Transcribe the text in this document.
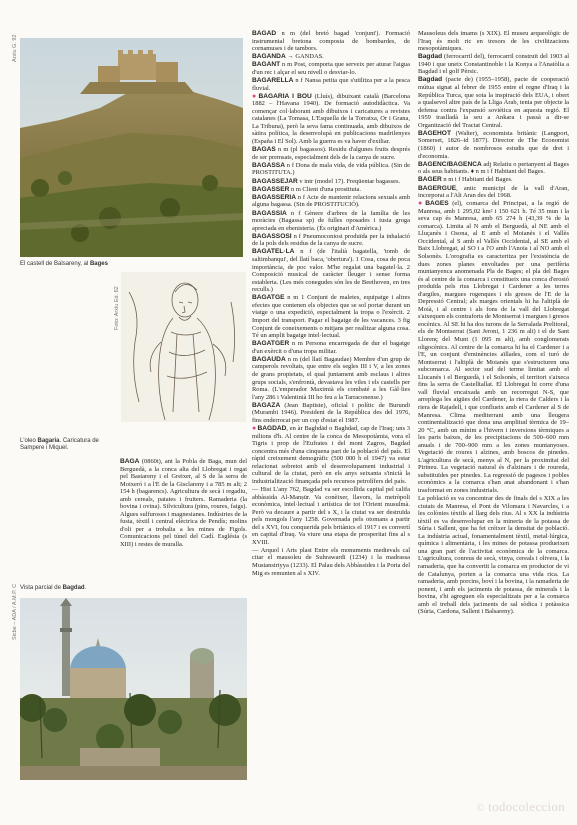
Arxiu G. 92
El castell de Balsareny, al Bages
Foto: Arxiu Ed. 62
L'oleo Bagaria. Caricatura de Sampere i Miquel.

BAGA (0860t), ant la Pobla de Baga, mun del Berguedà, a la conca alta del Llobregat i regat pel Bastareny i el Greixer, al S de la serra de Moixeró i a l'E de la Gisclareny i a 785 m alt; 2 154 h (bagarencs). Agricultura de secà i regadiu, amb cereals, patates i fruiters. Ramaderia (la bovina i ovina). Silvicultura (pins, roures, faigs). Algues sulfuroses i magnesianes. Indústries de la fusta, tèxtil i central elèctrica de Pendís; molins d'oli per a trobalia a les mines de Figols. Comunicacions pel túnel del Cadí. Església (s XIII) i restes de muralla.

Vista parcial de Bagdad.
Sicbe – ADA / A.M.P. C

BAGAD n m (del bretó bagad 'conjunt'). Formació instrumental bretona composta de bombardes, de cornamuses i de tambors.

BAGANDA → GANDAS.

BAGANT n m Post, comporta que serveix per aturar l'aigua d'un rec i alçar el seu nivell o desviar-lo.

BAGARELLA n f Nansa petita que s'utilitza per a la pesca fluvial.

●BAGARIA I BOU (Lluís), dibuixant català (Barcelona 1882 – l'Havana 1940). De formació autodidàctica. Va començar col·laborant amb dibuixos i caricatures a revistes catalanes (La Tomasa, L'Esquella de la Torratxa, Or i Grana, La Tribuna), però la seva fama continuada, amb dibuixos de sàtira política, la desenvolupà en publicacions madrilenyes (España i El Sol). Amb la guerra es va haver d'exiliar.

BAGAS n m (pl bagassos). Residu d'algunes fruits després de ser premsats, especialment dels de la canya de sucre.

BAGASSA n f Dona de mala vida, de vida pública. (Sin de PROSTITUTA.)

BAGASSEJAR v intr (model 17). Freqüentar bagasses.

BAGASSER n m Client d'una prostituta.

BAGASSERIA n f Acte de mantenir relacions sexuals amb alguna bagassa. (Sin de PROSTITUCIÓ).

BAGASSIA n f Gènere d'arbres de la família de les moràcies (Bagassa sp) de fulles oposades i tusta groga apreciada en ebenisteria. (És originari d'Amèrica.)

BAGASSOSI n f Pneumoconiosi produïda per la inhalació de la pols dels residus de la canya de sucre.

BAGATEL·LA n f (de l'italià bagatella, 'tomb de saltimbanqui', del llatí baca, 'obertura'). 1 Cosa, cosa de poca importància, de poc valor. M'he regalat una bagatel·la. 2 Composició musical de caràcter lleuger i sense forma establerta. (Les més conegudes són les de Beethoven, en tres reculls.)

BAGATGE n m 1 Conjunt de maletes, equipatge i altres efectes que contenen els objectes que se sol portar durant un viatge o una expedició, especialment la tropa o l'exèrcit. 2 Import del transport. Pagar el bagatge de les vacances. 3 fig Conjunt de coneixements o mitjans per realitzar alguna cosa. Té un amplit bagatge intel·lectual.

BAGATGER n m Persona encarregada de dur el bagatge d'un exèrcit o d'una tropa militar.

BAGAUDA n m (del llatí Bagaudae) Membre d'un grup de camperols revoltats, que entre els segles III i V, a les zones de grans propietats, el qual juntament amb esclaus i altres grups socials, s'enfrontà, devastava les viles i els castells per Roma. (L'emperador Maximià els combaté a les Gàl·lies l'any 286 i Valentinià III ho feu a la Tarraconense.)

BAGAZA (Jean Baptiste), oficial i polític de Burundi (Murambi 1946). President de la República des del 1976, fins enderrocat per un cop d'estat el 1987.

●BAGDAD, en àr Baghdād o Baghdad, cap de l'Iraq; uns 3 milions d'h. Al centre de la conca de Mesopotàmia, vora el Tigris i prop de l'Eufrates i del mont Zagros, Bagdad concentra més d'una cinquena part de la població del país. El ràpid creixement demogràfic (500 000 h el 1947) va estar relacionat sobretot amb el desenvolupament industrial i cultural de la ciutat, però en els anys seixanta s'inicià la industrialització finançada pels recursos petrolífers del país.

— Hist L'any 762, Bagdad va ser escollida capital pel califa abbàssida Al-Manṣūr. Va conèixer, llavors, la metròpoli econòmica, intel·lectual i artística de tot l'Orient musulmà. Però va decaure a partir del s X, i la ciutat va ser destruïda pels mongols l'any 1258. Governada pels otomans a partir del s XVI, fou conquerida pels britànics el 1917 i es convertí en capital d'Iraq. Va viure una etapa de prosperitat fins al s XVIII.

— Arquol i Arts plast Entre els monuments medievals cal citar el mausoleu de Suhrawardī (1234) i la madrassa Mustansiriyya (1233). El Palau dels Abbàssides i la Porta del Mig es remunten al s XIV.

Mausoleus dels imams (s XIX). El museu arqueològic de l'Iraq és molt ric en tresors de les civilitzacions mesopotàmiques.

Bagdad (ferrocarril del), ferrocarril construït del 1903 al 1940 i que uneix Constantinoble i la Konya a l'Anatòlia a Bagdad i el golf Pèrsic.

Bagdad (pacte de) (1955–1958), pacte de cooperació mútua signat al febrer de 1955 entre el regne d'Iraq i la República Turca, que sota la inspiració dels EUA, i obert a qualsevol altre país de la Lliga Àrab, tenia per objecte la defensa contra l'expansió soviètica en aquesta regió. El 1959 traslladà la seu a Ankara i passà a dir-se Organització del Tractat Central.

BAGEHOT (Walter), economista britànic (Langport, Somerset, 1826–id 1877). Director de The Economist (1860) i autor de nombrosos estudis que de dret i d'economia.

BAGENC/BAGENCA adj Relatiu o pertanyent al Bages o als seus habitants. ♦ n m i f Habitant del Bages.

BAGER n m i f Habitant del Bages.

BAGERGUE, antic municipi de la vall d'Aran, incorporat a l'Alt Aran des del 1968.

●BAGES (el), comarca del Principat, a la regió de Manresa, amb 1 295,02 km² i 150 621 h. Té 35 mun i la seva cap és Manresa, amb 65 274 h (43,39 % de la comarca). Limita al N amb el Berguedà, al NE amb el Lluçanès i Osona, al E amb el Moianès i el Vallès Occidental, al S amb el Vallès Occidental, al SE amb el Baix Llobregat, al SO i a l'O amb l'Anoia i al NO amb el Solsonès. L'orografia es caracteritza per l'existència de dues zones planes envoltades per una perifèria muntanyenca anomenada Pla de Bages; el pla del Bages és al centre de la comarca i constitueix una conca d'erosió produïda pels rius Llobregat i Cardener a les terres d'argiles, margues rogenques i els gresos de l'E de la Depressió Central; als marges orientals hi ha l'altiplà de Moià, i al centre i als fons de la vall del Llobregat s'aixequen els contraforts de Montserrat i margues i gresos eocènics. Al SE hi ha dos turons de la Serralada Prelitoral, els de Montserrat (Sant Jeroni, 1 236 m alt) i el de Sant Llorenç del Munt (1 095 m alt), amb conglomerats oligocènics. Al centre de la comarca hi ha el Cardener i a l'E, un conjunt d'eminències aïllades, com el turó de Montserrat i l'altiplà de Moianès que s'estructuren una subcomarca. Al sector sud del terme limitat amb el Llucanès i el Berguedà, i el Solsonès, el territori s'aixeca fins la serra de Castelltallat. El Llobregat hi corre d'una vall fluvial encaixada amb un recorregut N-S, que arreplega les aigües del Cardener, la riera de Calders i la riera de Rajadell, i que conflueix amb el Cardener al S de Manresa. Clima mediterrani amb una lleugera continentalització que dona una amplitud tèrmica de 19–20 °C, amb un mínim a l'hivern i inversions tèrmiques a les parts baixes, de les precipitacions de 500–600 mm anuals i de 700–900 mm a les zones muntanyoses. Vegetació de roures i alzines, amb boscos de pinedes. L'agricultura de secà, menys al N, per la proximitat del Pirineu. La vegetació natural és d'alzinars i de roureda, substituïdes per pinedes. La regressió de pagesos i pobles econòmics a la comarca s'han anat abandonant i s'han trasformat en zones industrials.

La població es va concentrar des de finals del s XIX a les ciutats de Manresa, el Pont de Vilomara i Navarcles, i a les colònies tèxtils al llarg dels rius. Al s XX la indústria tèxtil es va desenvolupar en la mineria de la potassa de Súria i Sallent, que ha fet créixer la densitat de població. La indústria actual, fonamentalment tèxtil, metal·lúrgica, química i alimentària, i les mines de potassa produeixen una gran part de l'activitat econòmica de la comarca. L'agricultura, conreus de secà, vinya, cereals i olivera, i la ramaderia, que ha convertit la comarca en productor de vi de Catalunya, porten a la comarca una vida rica. La ramaderia, amb porcins, boví i la bovina, i la ramaderia de ponent, i amb els jaciments de potassa, de minerals i la bovina, s'hi agreguen els especialitzats per a la comarca amb el treball dels jaciments de sal sòdica i potàssica (Súria, Cardona, Sallent i Balsareny).

© todocoleccion
